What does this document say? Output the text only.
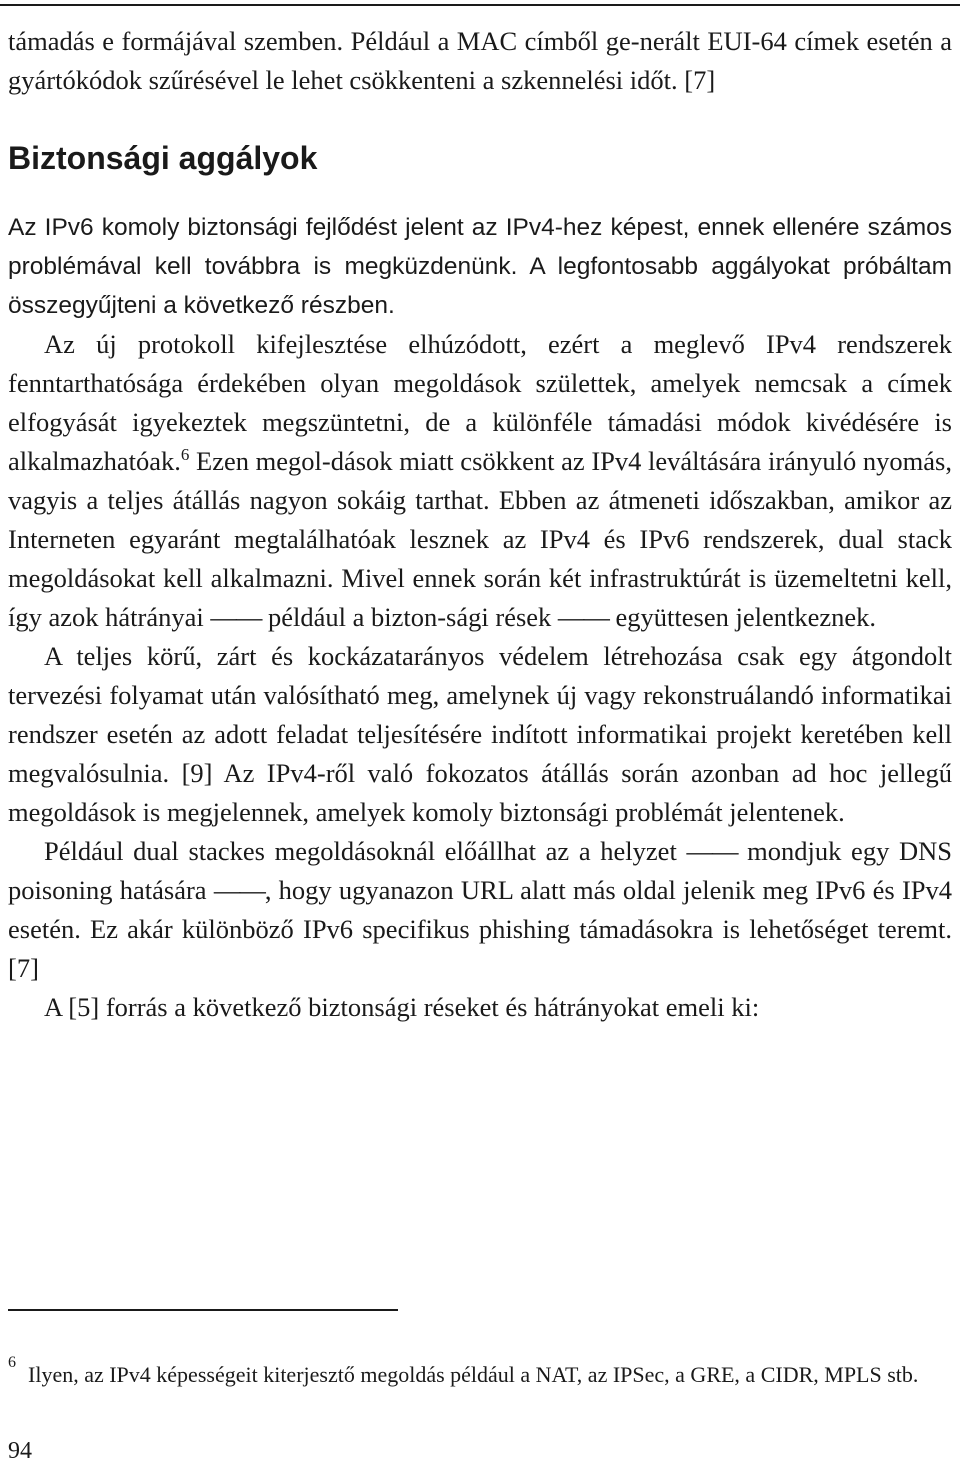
támadás e formájával szemben. Például a MAC címből ge-nerált EUI-64 címek esetén a gyártókódok szűrésével le lehet csökkenteni a szkennelési időt. [7]

Biztonsági aggályok

Az IPv6 komoly biztonsági fejlődést jelent az IPv4-hez képest, ennek ellenére számos problémával kell továbbra is megküzdenünk. A legfontosabb aggályokat próbáltam összegyűjteni a következő részben.

Az új protokoll kifejlesztése elhúzódott, ezért a meglevő IPv4 rendszerek fenntarthatósága érdekében olyan megoldások születtek, amelyek nemcsak a címek elfogyását igyekeztek megszüntetni, de a különféle támadási módok kivédésére is alkalmazhatóak.$^6$ Ezen megol-dások miatt csökkent az IPv4 leváltására irányuló nyomás, vagyis a teljes átállás nagyon sokáig tarthat. Ebben az átmeneti időszakban, amikor az Interneten egyaránt megtalálhatóak lesznek az IPv4 és IPv6 rendszerek, dual stack megoldásokat kell alkalmazni. Mivel ennek során két infrastruktúrát is üzemeltetni kell, így azok hátrányai —— például a bizton-sági rések —— együttesen jelentkeznek.

A teljes körű, zárt és kockázatarányos védelem létrehozása csak egy átgondolt tervezési folyamat után valósítható meg, amelynek új vagy rekonstruálandó informatikai rendszer esetén az adott feladat teljesítésére indított informatikai projekt keretében kell megvalósulnia. [9] Az IPv4-ről való fokozatos átállás során azonban ad hoc jellegű megoldások is megjelennek, amelyek komoly biztonsági problémát jelentenek.

Például dual stackes megoldásoknál előállhat az a helyzet —— mondjuk egy DNS poisoning hatására ——, hogy ugyanazon URL alatt más oldal jelenik meg IPv6 és IPv4 esetén. Ez akár különböző IPv6 specifikus phishing támadásokra is lehetőséget teremt. [7]

A [5] forrás a következő biztonsági réseket és hátrányokat emeli ki:

6 Ilyen, az IPv4 képességeit kiterjesztő megoldás például a NAT, az IPSec, a GRE, a CIDR, MPLS stb.
94
